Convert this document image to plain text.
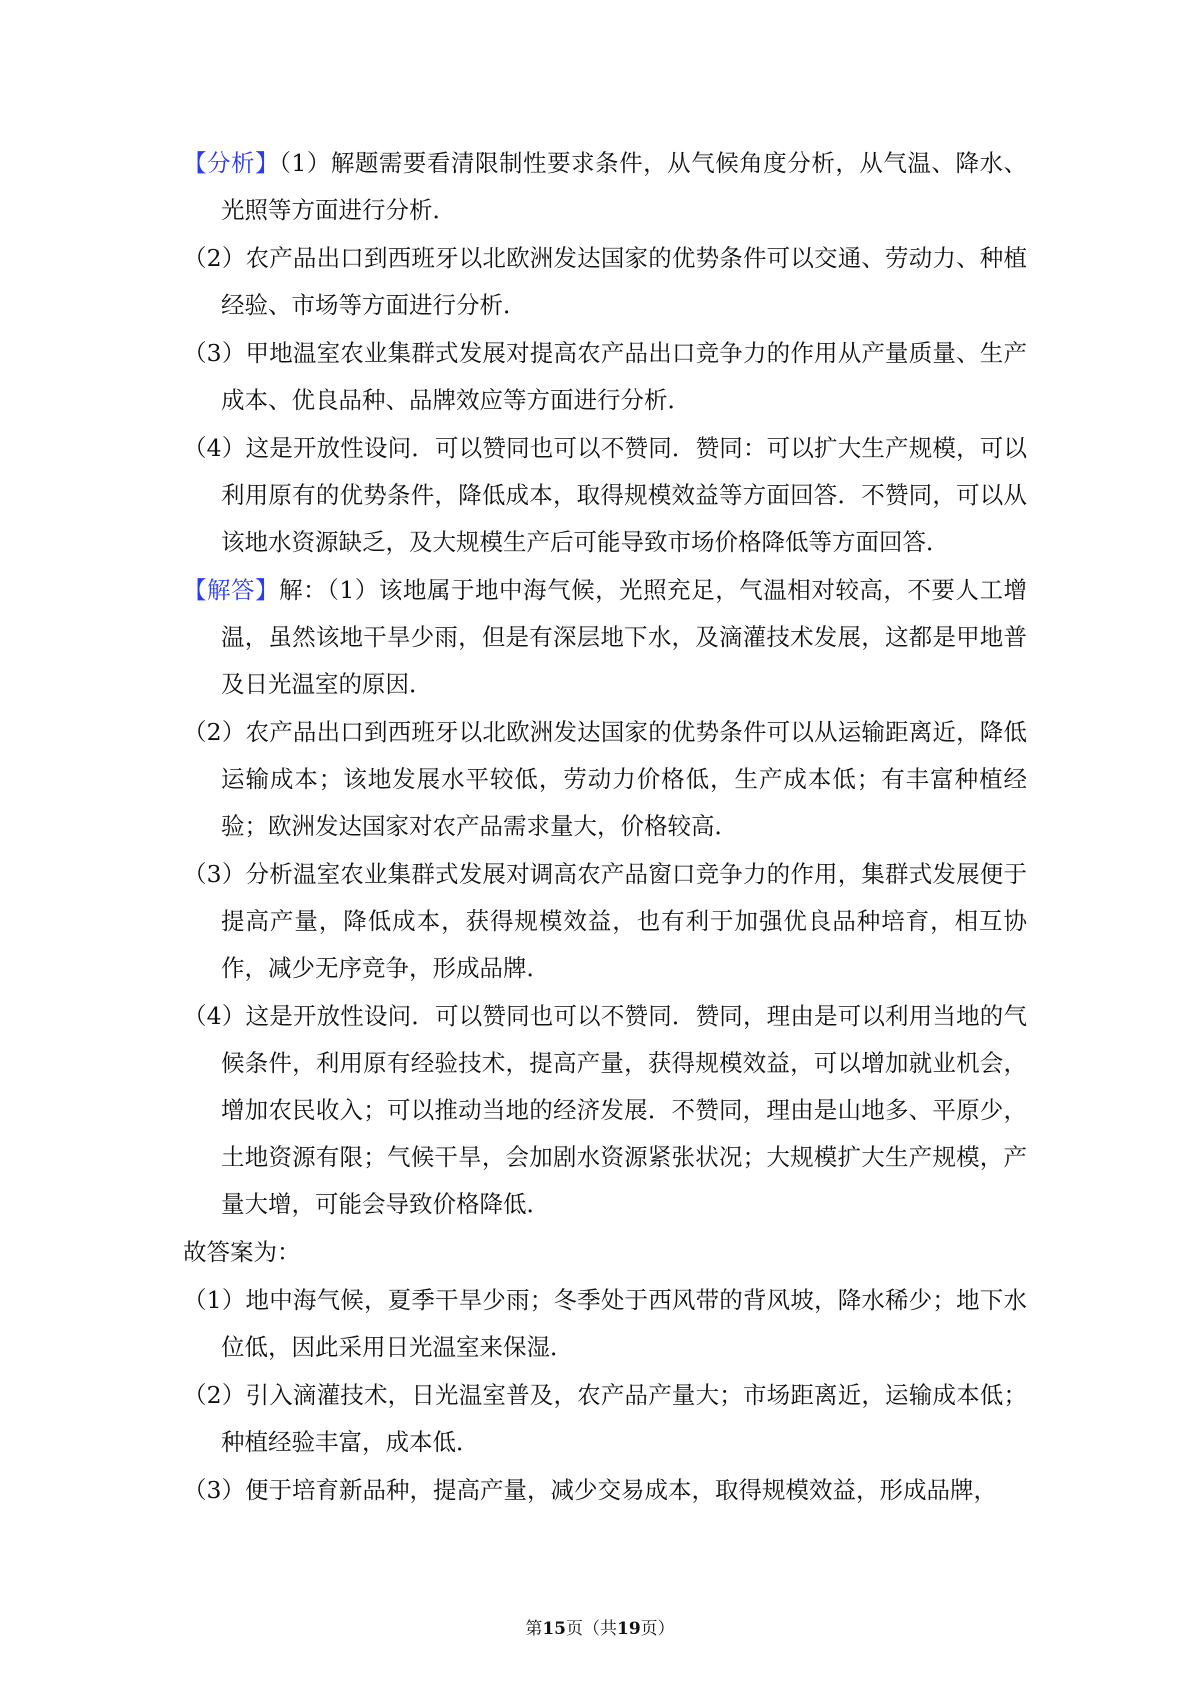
【分析】（1）解题需要看清限制性要求条件，从气候角度分析，从气温、降水、光照等方面进行分析．

（2）农产品出口到西班牙以北欧洲发达国家的优势条件可以交通、劳动力、种植经验、市场等方面进行分析．

（3）甲地温室农业集群式发展对提高农产品出口竞争力的作用从产量质量、生产成本、优良品种、品牌效应等方面进行分析．

（4）这是开放性设问．可以赞同也可以不赞同．赞同：可以扩大生产规模，可以利用原有的优势条件，降低成本，取得规模效益等方面回答．不赞同，可以从该地水资源缺乏，及大规模生产后可能导致市场价格降低等方面回答．

【解答】解：（1）该地属于地中海气候，光照充足，气温相对较高，不要人工增温，虽然该地干旱少雨，但是有深层地下水，及滴灌技术发展，这都是甲地普及日光温室的原因．

（2）农产品出口到西班牙以北欧洲发达国家的优势条件可以从运输距离近，降低运输成本；该地发展水平较低，劳动力价格低，生产成本低；有丰富种植经验；欧洲发达国家对农产品需求量大，价格较高．

（3）分析温室农业集群式发展对调高农产品窗口竞争力的作用，集群式发展便于提高产量，降低成本，获得规模效益，也有利于加强优良品种培育，相互协作，减少无序竞争，形成品牌．

（4）这是开放性设问．可以赞同也可以不赞同．赞同，理由是可以利用当地的气候条件，利用原有经验技术，提高产量，获得规模效益，可以增加就业机会，增加农民收入；可以推动当地的经济发展．不赞同，理由是山地多、平原少，土地资源有限；气候干旱，会加剧水资源紧张状况；大规模扩大生产规模，产量大增，可能会导致价格降低．

故答案为：

（1）地中海气候，夏季干旱少雨；冬季处于西风带的背风坡，降水稀少；地下水位低，因此采用日光温室来保湿．

（2）引入滴灌技术，日光温室普及，农产品产量大；市场距离近，运输成本低；种植经验丰富，成本低．

（3）便于培育新品种，提高产量，减少交易成本，取得规模效益，形成品牌，

第15页（共19页）
